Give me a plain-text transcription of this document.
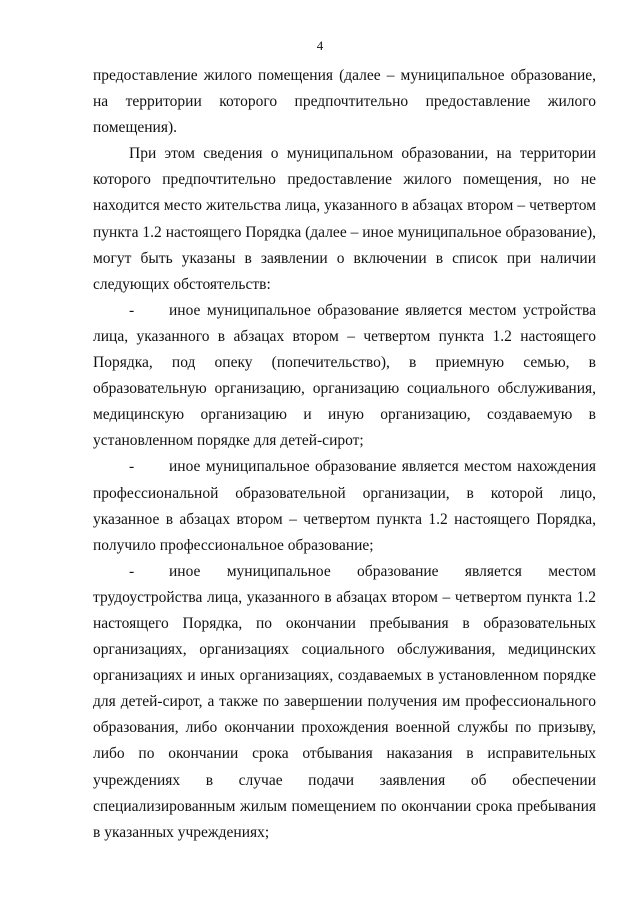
4

предоставление жилого помещения (далее – муниципальное образование, на территории которого предпочтительно предоставление жилого помещения).

При этом сведения о муниципальном образовании, на территории которого предпочтительно предоставление жилого помещения, но не находится место жительства лица, указанного в абзацах втором – четвертом пункта 1.2 настоящего Порядка (далее – иное муниципальное образование), могут быть указаны в заявлении о включении в список при наличии следующих обстоятельств:

- иное муниципальное образование является местом устройства лица, указанного в абзацах втором – четвертом пункта 1.2 настоящего Порядка, под опеку (попечительство), в приемную семью, в образовательную организацию, организацию социального обслуживания, медицинскую организацию и иную организацию, создаваемую в установленном порядке для детей-сирот;

- иное муниципальное образование является местом нахождения профессиональной образовательной организации, в которой лицо, указанное в абзацах втором – четвертом пункта 1.2 настоящего Порядка, получило профессиональное образование;

- иное муниципальное образование является местом трудоустройства лица, указанного в абзацах втором – четвертом пункта 1.2 настоящего Порядка, по окончании пребывания в образовательных организациях, организациях социального обслуживания, медицинских организациях и иных организациях, создаваемых в установленном порядке для детей-сирот, а также по завершении получения им профессионального образования, либо окончании прохождения военной службы по призыву, либо по окончании срока отбывания наказания в исправительных учреждениях в случае подачи заявления об обеспечении специализированным жилым помещением по окончании срока пребывания в указанных учреждениях;
